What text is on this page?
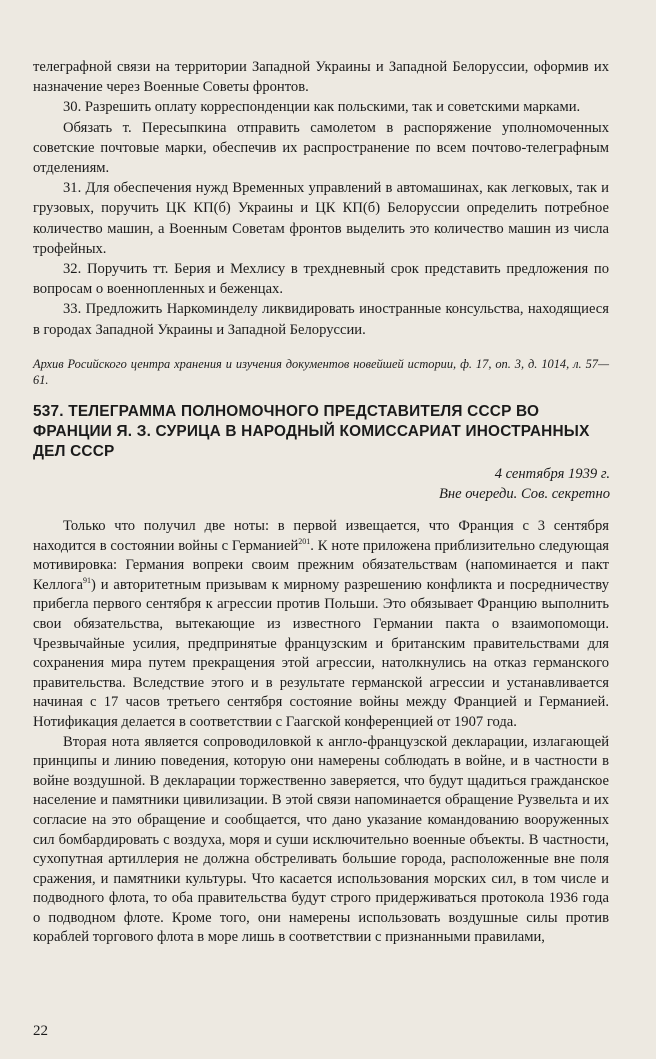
телеграфной связи на территории Западной Украины и Западной Белоруссии, оформив их назначение через Военные Советы фронтов.

30. Разрешить оплату корреспонденции как польскими, так и советскими марками.

Обязать т. Пересыпкина отправить самолетом в распоряжение уполномоченных советские почтовые марки, обеспечив их распространение по всем почтово-телеграфным отделениям.

31. Для обеспечения нужд Временных управлений в автомашинах, как легковых, так и грузовых, поручить ЦК КП(б) Украины и ЦК КП(б) Белоруссии определить потребное количество машин, а Военным Советам фронтов выделить это количество машин из числа трофейных.

32. Поручить тт. Берия и Мехлису в трехдневный срок представить предложения по вопросам о военнопленных и беженцах.

33. Предложить Наркоминделу ликвидировать иностранные консульства, находящиеся в городах Западной Украины и Западной Белоруссии.

Архив Росийского центра хранения и изучения документов новейшей истории, ф. 17, оп. 3, д. 1014, л. 57—61.

537. ТЕЛЕГРАММА ПОЛНОМОЧНОГО ПРЕДСТАВИТЕЛЯ СССР ВО ФРАНЦИИ Я. З. СУРИЦА В НАРОДНЫЙ КОМИССАРИАТ ИНОСТРАННЫХ ДЕЛ СССР
4 сентября 1939 г.
Вне очереди. Сов. секретно

Только что получил две ноты: в первой извещается, что Франция с 3 сентября находится в состоянии войны с Германией$^{201}$. К ноте приложена приблизительно следующая мотивировка: Германия вопреки своим прежним обязательствам (напоминается и пакт Келлога$^{91}$) и авторитетным призывам к мирному разрешению конфликта и посредничеству прибегла первого сентября к агрессии против Польши. Это обязывает Францию выполнить свои обязательства, вытекающие из известного Германии пакта о взаимопомощи. Чрезвычайные усилия, предпринятые французским и британским правительствами для сохранения мира путем прекращения этой агрессии, натолкнулись на отказ германского правительства. Вследствие этого и в результате германской агрессии и устанавливается начиная с 17 часов третьего сентября состояние войны между Францией и Германией. Нотификация делается в соответствии с Гаагской конференцией от 1907 года.

Вторая нота является сопроводиловкой к англо-французской декларации, излагающей принципы и линию поведения, которую они намерены соблюдать в войне, и в частности в войне воздушной. В декларации торжественно заверяется, что будут щадиться гражданское население и памятники цивилизации. В этой связи напоминается обращение Рузвельта и их согласие на это обращение и сообщается, что дано указание командованию вооруженных сил бомбардировать с воздуха, моря и суши исключительно военные объекты. В частности, сухопутная артиллерия не должна обстреливать большие города, расположенные вне поля сражения, и памятники культуры. Что касается использования морских сил, в том числе и подводного флота, то оба правительства будут строго придерживаться протокола 1936 года о подводном флоте. Кроме того, они намерены использовать воздушные силы против кораблей торгового флота в море лишь в соответствии с признанными правилами,

22
